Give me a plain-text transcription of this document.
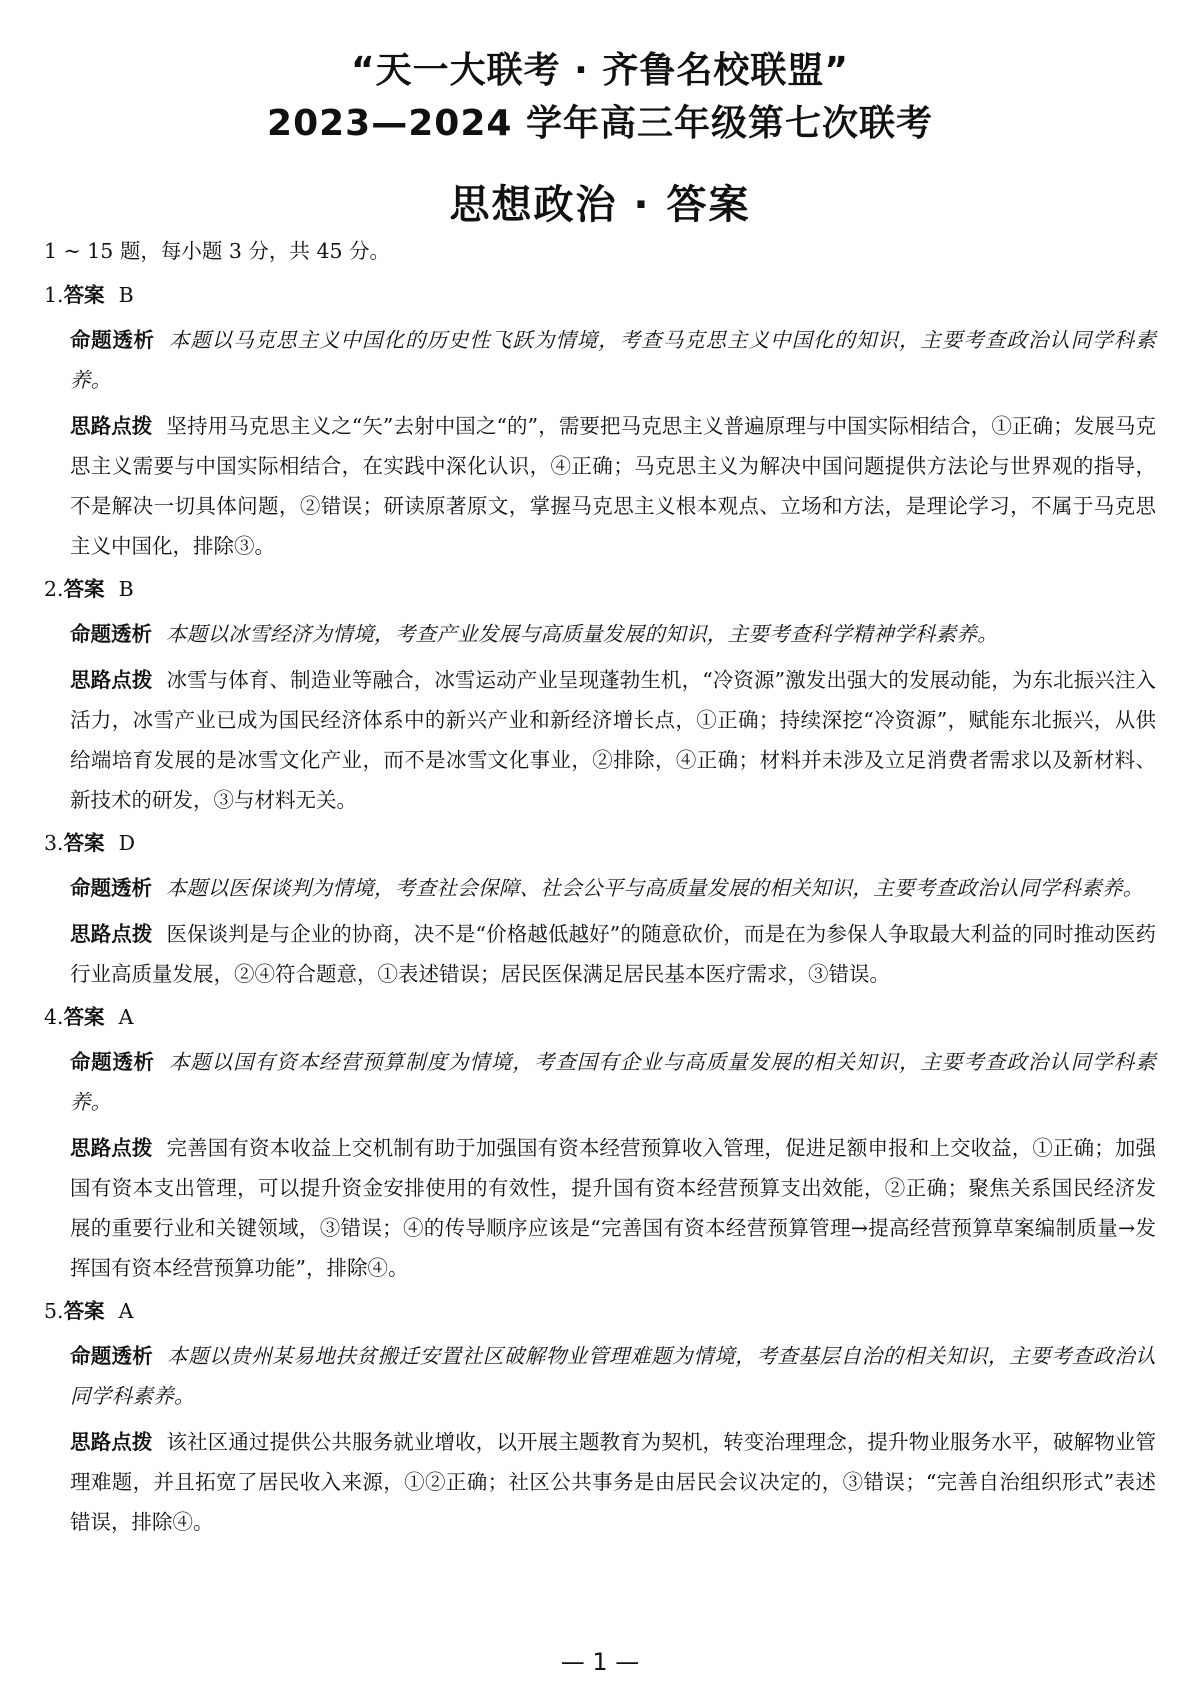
“天一大联考 · 齐鲁名校联盟”
2023—2024 学年高三年级第七次联考
思想政治 · 答案
1 ~ 15 题，每小题 3 分，共 45 分。
1.答案 B
命题透析 本题以马克思主义中国化的历史性飞跃为情境，考查马克思主义中国化的知识，主要考查政治认同学科素养。
思路点拨 坚持用马克思主义之“矢”去射中国之“的”，需要把马克思主义普遍原理与中国实际相结合，①正确；发展马克思主义需要与中国实际相结合，在实践中深化认识，④正确；马克思主义为解决中国问题提供方法论与世界观的指导，不是解决一切具体问题，②错误；研读原著原文，掌握马克思主义根本观点、立场和方法，是理论学习，不属于马克思主义中国化，排除③。
2.答案 B
命题透析 本题以冰雪经济为情境，考查产业发展与高质量发展的知识，主要考查科学精神学科素养。
思路点拨 冰雪与体育、制造业等融合，冰雪运动产业呈现蓬勃生机，“冷资源”激发出强大的发展动能，为东北振兴注入活力，冰雪产业已成为国民经济体系中的新兴产业和新经济增长点，①正确；持续深挖“冷资源”，赋能东北振兴，从供给端培育发展的是冰雪文化产业，而不是冰雪文化事业，②排除，④正确；材料并未涉及立足消费者需求以及新材料、新技术的研发，③与材料无关。
3.答案 D
命题透析 本题以医保谈判为情境，考查社会保障、社会公平与高质量发展的相关知识，主要考查政治认同学科素养。
思路点拨 医保谈判是与企业的协商，决不是“价格越低越好”的随意砍价，而是在为参保人争取最大利益的同时推动医药行业高质量发展，②④符合题意，①表述错误；居民医保满足居民基本医疗需求，③错误。
4.答案 A
命题透析 本题以国有资本经营预算制度为情境，考查国有企业与高质量发展的相关知识，主要考查政治认同学科素养。
思路点拨 完善国有资本收益上交机制有助于加强国有资本经营预算收入管理，促进足额申报和上交收益，①正确；加强国有资本支出管理，可以提升资金安排使用的有效性，提升国有资本经营预算支出效能，②正确；聚焦关系国民经济发展的重要行业和关键领域，③错误；④的传导顺序应该是“完善国有资本经营预算管理→提高经营预算草案编制质量→发挥国有资本经营预算功能”，排除④。
5.答案 A
命题透析 本题以贵州某易地扶贫搬迁安置社区破解物业管理难题为情境，考查基层自治的相关知识，主要考查政治认同学科素养。
思路点拨 该社区通过提供公共服务就业增收，以开展主题教育为契机，转变治理理念，提升物业服务水平，破解物业管理难题，并且拓宽了居民收入来源，①②正确；社区公共事务是由居民会议决定的，③错误；“完善自治组织形式”表述错误，排除④。
— 1 —
